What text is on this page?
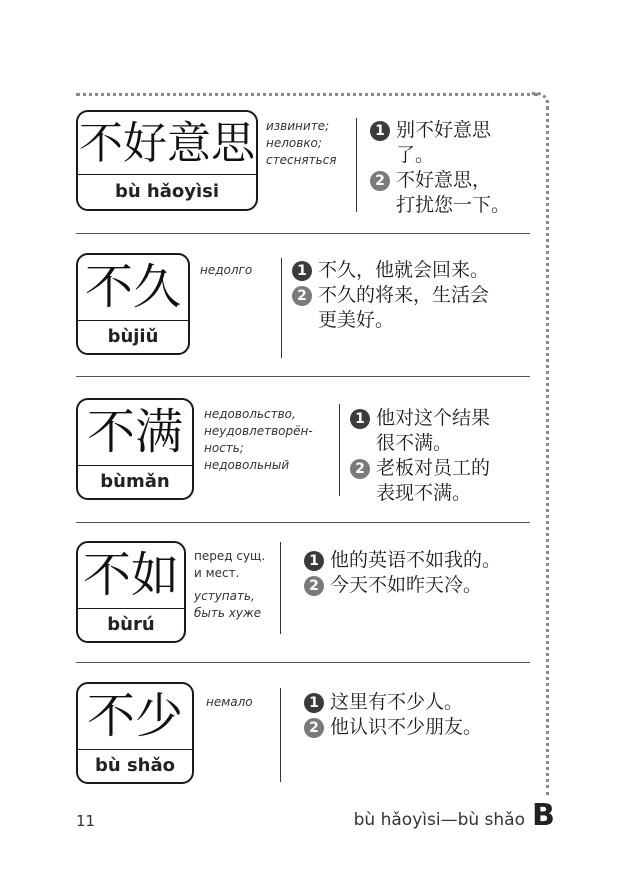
不好意思
bù hǎoyìsi
извините;
неловко;
стесняться
1 别不好意思
了。
2 不好意思，
打扰您一下。
不久
bùjiǔ
недолго	1 不久，他就会回来。
2 不久的将来，生活会
更美好。
不满
bùmǎn
недовольство,
неудовлетворён-
ность;
недовольный
1 他对这个结果
很不满。
2 老板对员工的
表现不满。
不如
bùrú
перед сущ.
и мест.
уступать,
быть хуже
1 他的英语不如我的。
2 今天不如昨天冷。
不少
bù shǎo
немало	1 这里有不少人。
2 他认识不少朋友。
11	bù hǎoyìsi—bù shǎo B
